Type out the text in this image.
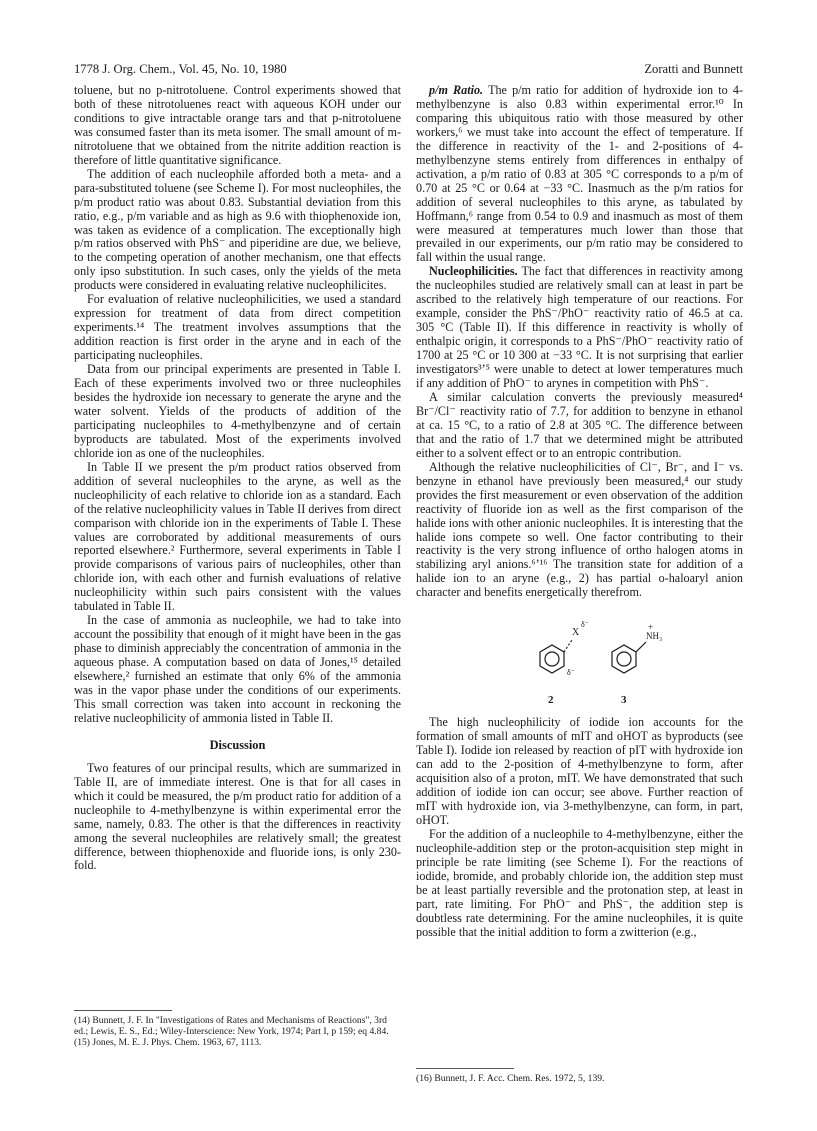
1778 J. Org. Chem., Vol. 45, No. 10, 1980	Zoratti and Bunnett

toluene, but no p-nitrotoluene. Control experiments showed that both of these nitrotoluenes react with aqueous KOH under our conditions to give intractable orange tars and that p-nitrotoluene was consumed faster than its meta isomer. The small amount of m-nitrotoluene that we obtained from the nitrite addition reaction is therefore of little quantitative significance.

The addition of each nucleophile afforded both a meta- and a para-substituted toluene (see Scheme I). For most nucleophiles, the p/m product ratio was about 0.83. Substantial deviation from this ratio, e.g., p/m variable and as high as 9.6 with thiophenoxide ion, was taken as evidence of a complication. The exceptionally high p/m ratios observed with PhS⁻ and piperidine are due, we believe, to the competing operation of another mechanism, one that effects only ipso substitution. In such cases, only the yields of the meta products were considered in evaluating relative nucleophilicites.

For evaluation of relative nucleophilicities, we used a standard expression for treatment of data from direct competition experiments.¹⁴ The treatment involves assumptions that the addition reaction is first order in the aryne and in each of the participating nucleophiles.

Data from our principal experiments are presented in Table I. Each of these experiments involved two or three nucleophiles besides the hydroxide ion necessary to generate the aryne and the water solvent. Yields of the products of addition of the participating nucleophiles to 4-methylbenzyne and of certain byproducts are tabulated. Most of the experiments involved chloride ion as one of the nucleophiles.

In Table II we present the p/m product ratios observed from addition of several nucleophiles to the aryne, as well as the nucleophilicity of each relative to chloride ion as a standard. Each of the relative nucleophilicity values in Table II derives from direct comparison with chloride ion in the experiments of Table I. These values are corroborated by additional measurements of ours reported elsewhere.² Furthermore, several experiments in Table I provide comparisons of various pairs of nucleophiles, other than chloride ion, with each other and furnish evaluations of relative nucleophilicity within such pairs consistent with the values tabulated in Table II.

In the case of ammonia as nucleophile, we had to take into account the possibility that enough of it might have been in the gas phase to diminish appreciably the concentration of ammonia in the aqueous phase. A computation based on data of Jones,¹⁵ detailed elsewhere,² furnished an estimate that only 6% of the ammonia was in the vapor phase under the conditions of our experiments. This small correction was taken into account in reckoning the relative nucleophilicity of ammonia listed in Table II.

Discussion

Two features of our principal results, which are summarized in Table II, are of immediate interest. One is that for all cases in which it could be measured, the p/m product ratio for addition of a nucleophile to 4-methylbenzyne is within experimental error the same, namely, 0.83. The other is that the differences in reactivity among the several nucleophiles are relatively small; the greatest difference, between thiophenoxide and fluoride ions, is only 230-fold.

(14) Bunnett, J. F. In "Investigations of Rates and Mechanisms of Reactions", 3rd ed.; Lewis, E. S., Ed.; Wiley-Interscience: New York, 1974; Part I, p 159; eq 4.84.

(15) Jones, M. E. J. Phys. Chem. 1963, 67, 1113.

p/m Ratio. The p/m ratio for addition of hydroxide ion to 4-methylbenzyne is also 0.83 within experimental error.¹⁰ In comparing this ubiquitous ratio with those measured by other workers,⁶ we must take into account the effect of temperature. If the difference in reactivity of the 1- and 2-positions of 4-methylbenzyne stems entirely from differences in enthalpy of activation, a p/m ratio of 0.83 at 305 °C corresponds to a p/m of 0.70 at 25 °C or 0.64 at −33 °C. Inasmuch as the p/m ratios for addition of several nucleophiles to this aryne, as tabulated by Hoffmann,⁶ range from 0.54 to 0.9 and inasmuch as most of them were measured at temperatures much lower than those that prevailed in our experiments, our p/m ratio may be considered to fall within the usual range.

Nucleophilicities. The fact that differences in reactivity among the nucleophiles studied are relatively small can at least in part be ascribed to the relatively high temperature of our reactions. For example, consider the PhS⁻/PhO⁻ reactivity ratio of 46.5 at ca. 305 °C (Table II). If this difference in reactivity is wholly of enthalpic origin, it corresponds to a PhS⁻/PhO⁻ reactivity ratio of 1700 at 25 °C or 10 300 at −33 °C. It is not surprising that earlier investigators³ʼ⁵ were unable to detect at lower temperatures much if any addition of PhO⁻ to arynes in competition with PhS⁻.

A similar calculation converts the previously measured⁴ Br⁻/Cl⁻ reactivity ratio of 7.7, for addition to benzyne in ethanol at ca. 15 °C, to a ratio of 2.8 at 305 °C. The difference between that and the ratio of 1.7 that we determined might be attributed either to a solvent effect or to an entropic contribution.

Although the relative nucleophilicities of Cl⁻, Br⁻, and I⁻ vs. benzyne in ethanol have previously been measured,⁴ our study provides the first measurement or even observation of the addition reactivity of fluoride ion as well as the first comparison of the halide ions with other anionic nucleophiles. It is interesting that the halide ions compete so well. One factor contributing to their reactivity is the very strong influence of ortho halogen atoms in stabilizing aryl anions.⁶ʼ¹⁶ The transition state for addition of a halide ion to an aryne (e.g., 2) has partial o-haloaryl anion character and benefits energetically therefrom.

X
δ⁻
δ⁻
NH₃
+
2	3

The high nucleophilicity of iodide ion accounts for the formation of small amounts of mIT and oHOT as byproducts (see Table I). Iodide ion released by reaction of pIT with hydroxide ion can add to the 2-position of 4-methylbenzyne to form, after acquisition also of a proton, mIT. We have demonstrated that such addition of iodide ion can occur; see above. Further reaction of mIT with hydroxide ion, via 3-methylbenzyne, can form, in part, oHOT.

For the addition of a nucleophile to 4-methylbenzyne, either the nucleophile-addition step or the proton-acquisition step might in principle be rate limiting (see Scheme I). For the reactions of iodide, bromide, and probably chloride ion, the addition step must be at least partially reversible and the protonation step, at least in part, rate limiting. For PhO⁻ and PhS⁻, the addition step is doubtless rate determining. For the amine nucleophiles, it is quite possible that the initial addition to form a zwitterion (e.g.,

(16) Bunnett, J. F. Acc. Chem. Res. 1972, 5, 139.
